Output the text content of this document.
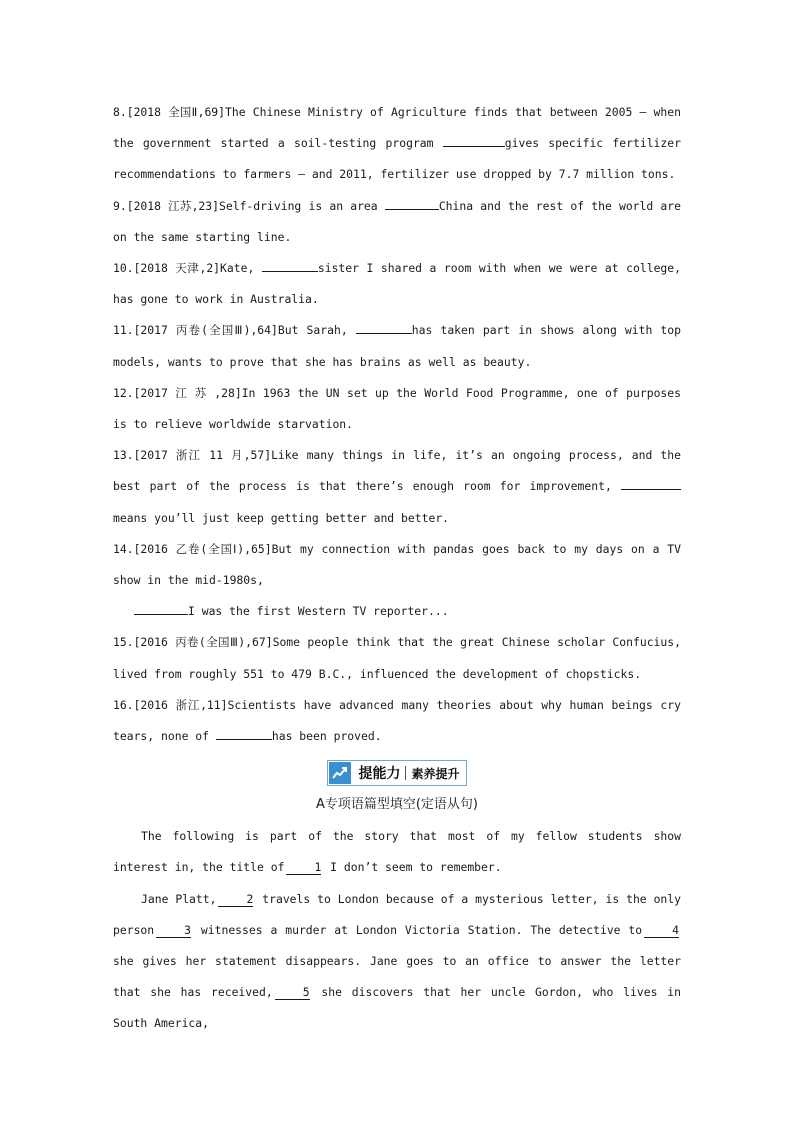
8.[2018 全国Ⅱ,69]The Chinese Ministry of Agriculture finds that between 2005 — when the government started a soil-testing program	gives specific fertilizer recommendations to farmers — and 2011, fertilizer use dropped by 7.7 million tons.
9.[2018 江苏,23]Self-driving is an area	China and the rest of the world are on the same starting line.
10.[2018 天津,2]Kate,	sister I shared a room with when we were at college, has gone to work in Australia.
11.[2017 丙卷(全国Ⅲ),64]But Sarah,	has taken part in shows along with top models, wants to prove that she has brains as well as beauty.
12.[2017 江 苏 ,28]In 1963 the UN set up the World Food Programme, one of purposes is to relieve worldwide starvation.
13.[2017 浙江 11 月,57]Like many things in life, it’s an ongoing process, and the best part of the process is that there’s enough room for improvement, means you’ll just keep getting better and better.
14.[2016 乙卷(全国Ⅰ),65]But my connection with pandas goes back to my days on a TV show in the mid-1980s,
I was the first Western TV reporter...
15.[2016 丙卷(全国Ⅲ),67]Some people think that the great Chinese scholar Confucius, lived from roughly 551 to 479 B.C., influenced the development of chopsticks.
16.[2016 浙江,11]Scientists have advanced many theories about why human beings cry tears, none of	has been proved.
提能力 素养提升
A专项语篇型填空(定语从句)
The following is part of the story that most of my fellow students show interest in, the title of	1 I don’t seem to remember.
Jane Platt,	2 travels to London because of a mysterious letter, is the only person	3 witnesses a murder at London Victoria Station. The detective to	4 she gives her statement disappears. Jane goes to an office to answer the letter that she has received,	5 she discovers that her uncle Gordon, who lives in South America,
